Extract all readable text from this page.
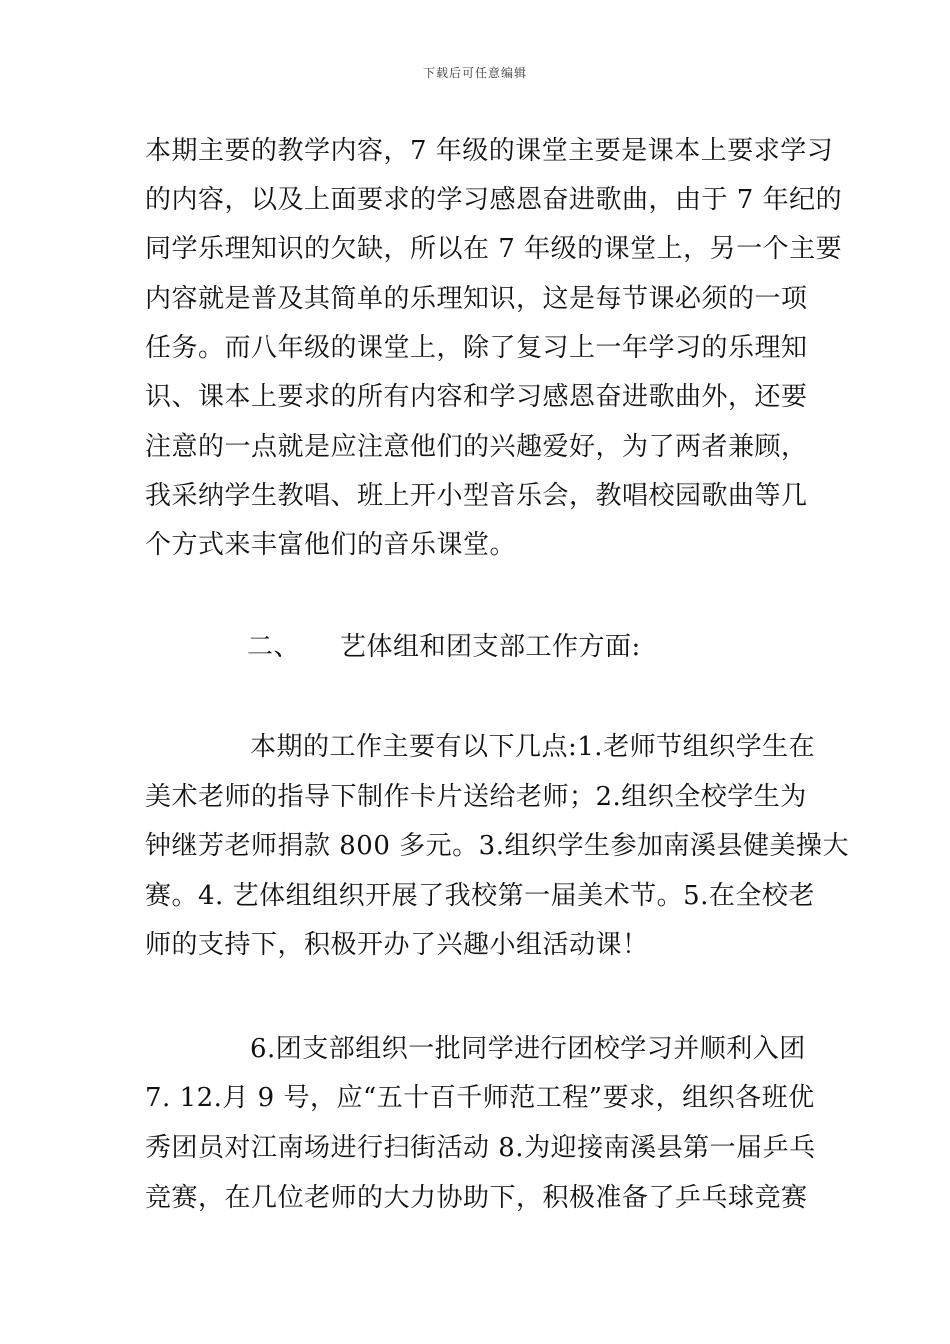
下载后可任意编辑
本期主要的教学内容，7 年级的课堂主要是课本上要求学习
的内容，以及上面要求的学习感恩奋进歌曲，由于 7 年纪的
同学乐理知识的欠缺，所以在 7 年级的课堂上，另一个主要
内容就是普及其简单的乐理知识，这是每节课必须的一项
任务。而八年级的课堂上，除了复习上一年学习的乐理知
识、课本上要求的所有内容和学习感恩奋进歌曲外，还要
注意的一点就是应注意他们的兴趣爱好，为了两者兼顾，
我采纳学生教唱、班上开小型音乐会，教唱校园歌曲等几
个方式来丰富他们的音乐课堂。
二、	艺体组和团支部工作方面:
本期的工作主要有以下几点:1.老师节组织学生在
美术老师的指导下制作卡片送给老师；2.组织全校学生为
钟继芳老师捐款 800 多元。3.组织学生参加南溪县健美操大
赛。4. 艺体组组织开展了我校第一届美术节。5.在全校老
师的支持下，积极开办了兴趣小组活动课！
6.团支部组织一批同学进行团校学习并顺利入团
7. 12.月 9 号，应“五十百千师范工程”要求，组织各班优
秀团员对江南场进行扫街活动 8.为迎接南溪县第一届乒乓
竞赛，在几位老师的大力协助下，积极准备了乒乓球竞赛
